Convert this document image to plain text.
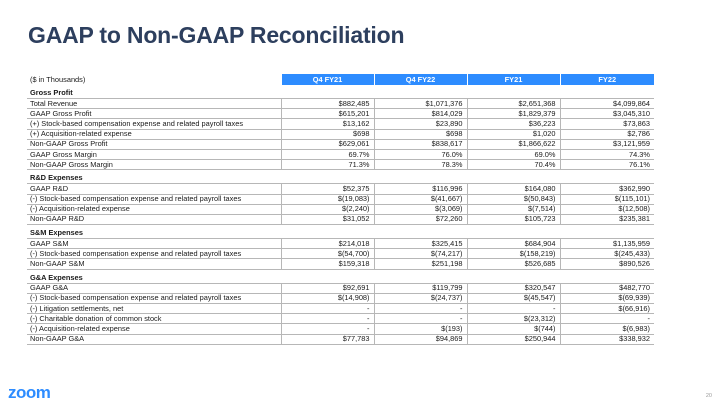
GAAP to Non-GAAP Reconciliation
($ in Thousands)	Q4 FY21	Q4 FY22	FY21	FY22
Gross Profit				
Total Revenue	$882,485	$1,071,376	$2,651,368	$4,099,864
GAAP Gross Profit	$615,201	$814,029	$1,829,379	$3,045,310
(+) Stock-based compensation expense and related payroll taxes	$13,162	$23,890	$36,223	$73,863
(+) Acquisition-related expense	$698	$698	$1,020	$2,786
Non-GAAP Gross Profit	$629,061	$838,617	$1,866,622	$3,121,959
GAAP Gross Margin	69.7%	76.0%	69.0%	74.3%
Non-GAAP Gross Margin	71.3%	78.3%	70.4%	76.1%
R&D Expenses				
GAAP R&D	$52,375	$116,996	$164,080	$362,990
(-) Stock-based compensation expense and related payroll taxes	$(19,083)	$(41,667)	$(50,843)	$(115,101)
(-) Acquisition-related expense	$(2,240)	$(3,069)	$(7,514)	$(12,508)
Non-GAAP R&D	$31,052	$72,260	$105,723	$235,381
S&M Expenses				
GAAP S&M	$214,018	$325,415	$684,904	$1,135,959
(-) Stock-based compensation expense and related payroll taxes	$(54,700)	$(74,217)	$(158,219)	$(245,433)
Non-GAAP S&M	$159,318	$251,198	$526,685	$890,526
G&A Expenses				
GAAP G&A	$92,691	$119,799	$320,547	$482,770
(-) Stock-based compensation expense and related payroll taxes	$(14,908)	$(24,737)	$(45,547)	$(69,939)
(-) Litigation settlements, net	-	-	-	$(66,916)
(-) Charitable donation of common stock	-	-	$(23,312)	-
(-) Acquisition-related expense	-	$(193)	$(744)	$(6,983)
Non-GAAP G&A	$77,783	$94,869	$250,944	$338,932
zoom	20
